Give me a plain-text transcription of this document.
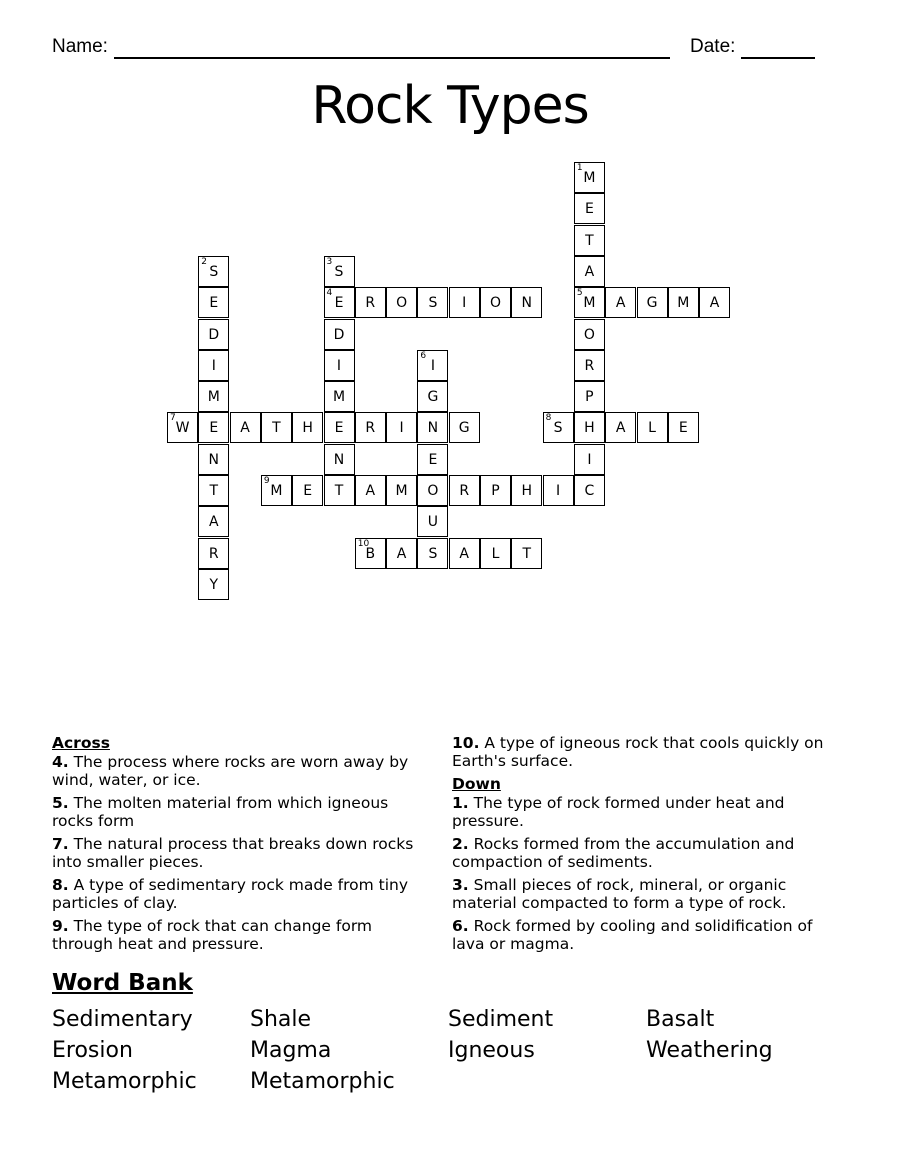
Name:	Date:
Rock Types
1
M
E
T
A
2
S
3
S
E
4
E	R	O	S	I	O	N
5
M	A	G	M	A
D	D	O
I	I
6
I	R
M	M	G	P
7
W	E	A	T	H	E	R	I	N	G
8
S	H	A	L	E
N	N	E	I
T
9
M	E	T	A	M	O	R	P	H	I	C
A	U
R
10
B	A	S	A	L	T
Y
Across
4. The process where rocks are worn away by wind, water, or ice.
5. The molten material from which igneous rocks form
7. The natural process that breaks down rocks into smaller pieces.
8. A type of sedimentary rock made from tiny particles of clay.
9. The type of rock that can change form through heat and pressure.
10. A type of igneous rock that cools quickly on Earth's surface.
Down
1. The type of rock formed under heat and pressure.
2. Rocks formed from the accumulation and compaction of sediments.
3. Small pieces of rock, mineral, or organic material compacted to form a type of rock.
6. Rock formed by cooling and solidification of lava or magma.
Word Bank
Sedimentary	Shale	Sediment	Basalt
Erosion	Magma	Igneous	Weathering
Metamorphic	Metamorphic
